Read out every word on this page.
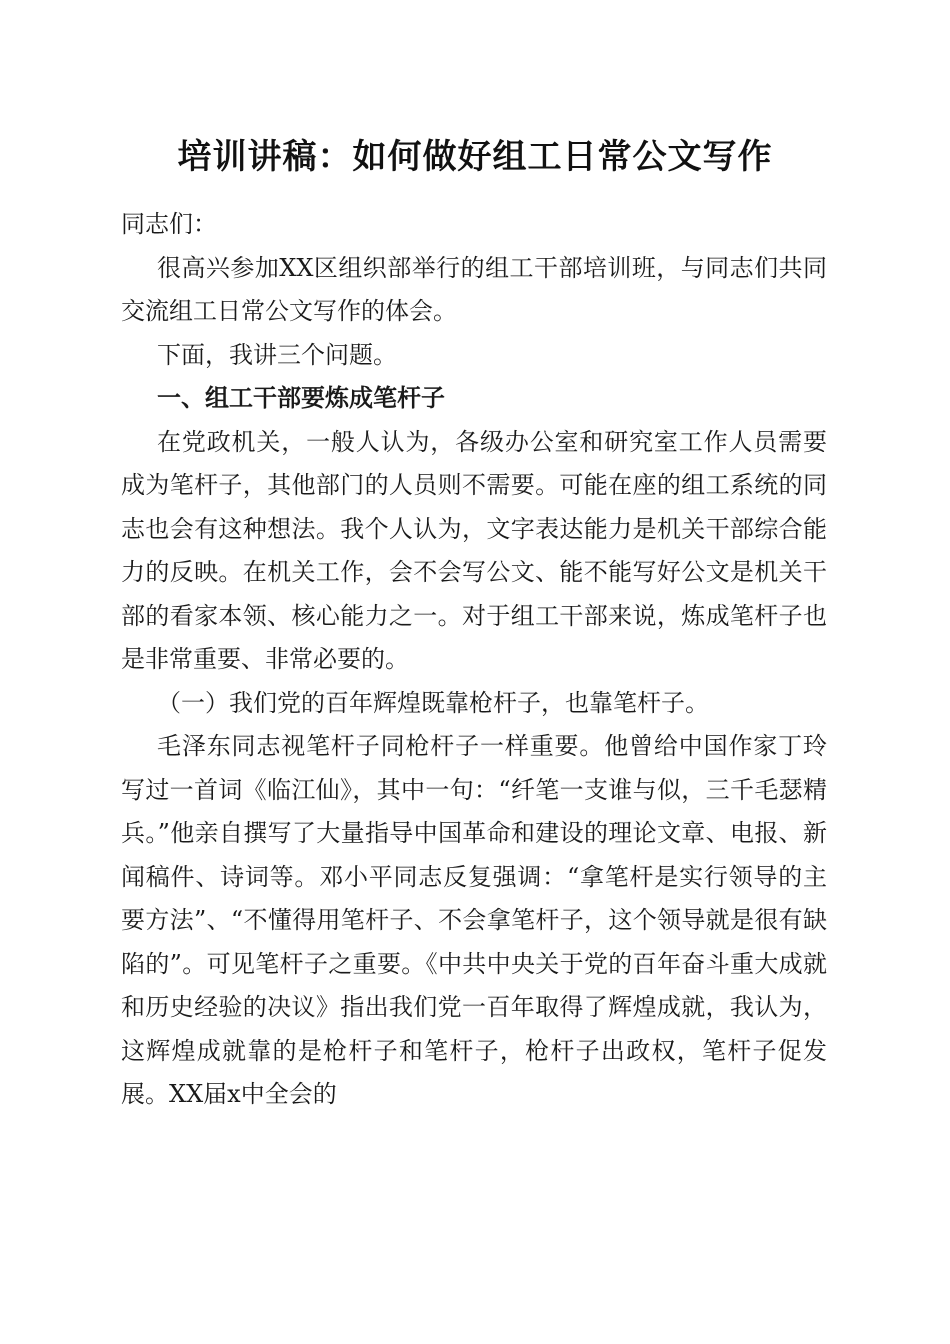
培训讲稿：如何做好组工日常公文写作

同志们：

很高兴参加XX区组织部举行的组工干部培训班，与同志们共同交流组工日常公文写作的体会。

下面，我讲三个问题。

一、组工干部要炼成笔杆子

在党政机关，一般人认为，各级办公室和研究室工作人员需要成为笔杆子，其他部门的人员则不需要。可能在座的组工系统的同志也会有这种想法。我个人认为，文字表达能力是机关干部综合能力的反映。在机关工作，会不会写公文、能不能写好公文是机关干部的看家本领、核心能力之一。对于组工干部来说，炼成笔杆子也是非常重要、非常必要的。

（一）我们党的百年辉煌既靠枪杆子，也靠笔杆子。

毛泽东同志视笔杆子同枪杆子一样重要。他曾给中国作家丁玲写过一首词《临江仙》，其中一句：“纤笔一支谁与似，三千毛瑟精兵。”他亲自撰写了大量指导中国革命和建设的理论文章、电报、新闻稿件、诗词等。邓小平同志反复强调：“拿笔杆是实行领导的主要方法”、“不懂得用笔杆子、不会拿笔杆子，这个领导就是很有缺陷的”。可见笔杆子之重要。《中共中央关于党的百年奋斗重大成就和历史经验的决议》指出我们党一百年取得了辉煌成就，我认为，这辉煌成就靠的是枪杆子和笔杆子，枪杆子出政权，笔杆子促发展。XX届x中全会的
